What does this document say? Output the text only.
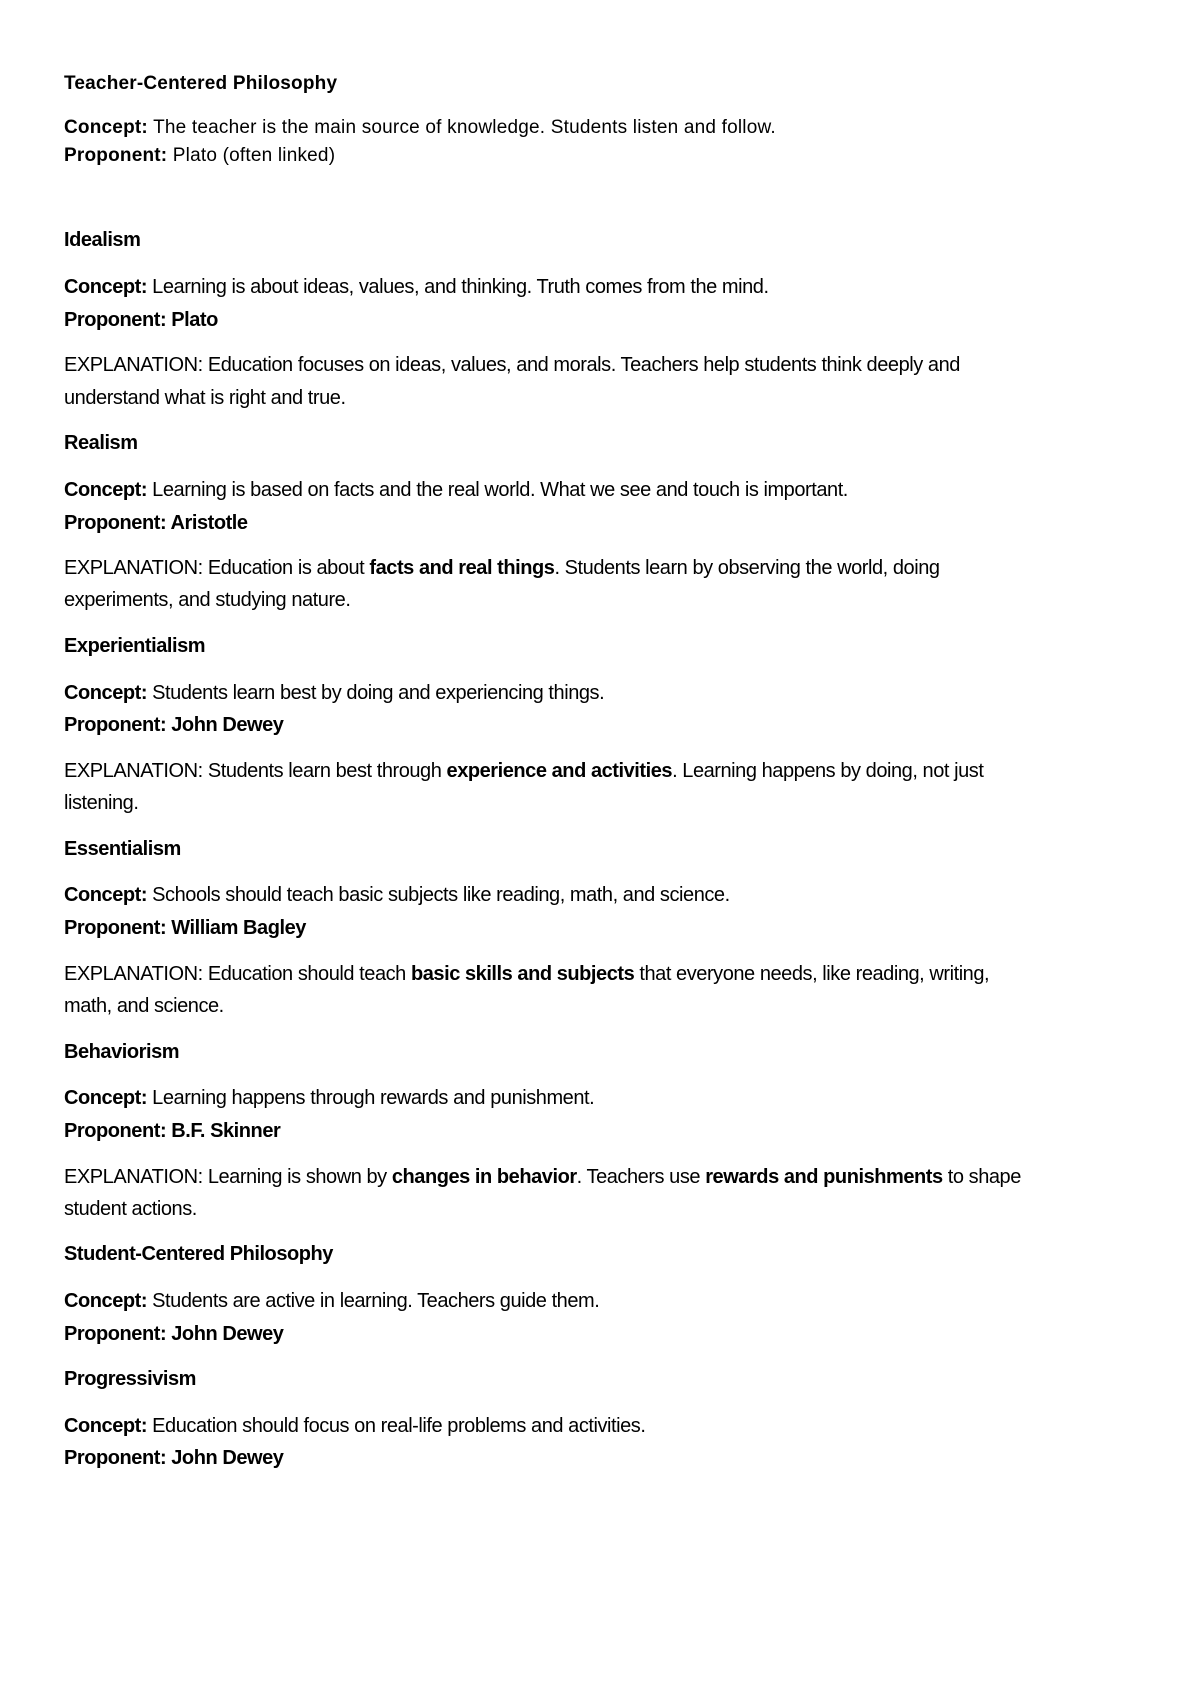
Teacher-Centered Philosophy
Concept: The teacher is the main source of knowledge. Students listen and follow.
Proponent: Plato (often linked)
Idealism
Concept: Learning is about ideas, values, and thinking. Truth comes from the mind.
Proponent: Plato
EXPLANATION: Education focuses on ideas, values, and morals. Teachers help students think deeply and
understand what is right and true.
Realism
Concept: Learning is based on facts and the real world. What we see and touch is important.
Proponent: Aristotle
EXPLANATION: Education is about facts and real things. Students learn by observing the world, doing
experiments, and studying nature.
Experientialism
Concept: Students learn best by doing and experiencing things.
Proponent: John Dewey
EXPLANATION: Students learn best through experience and activities. Learning happens by doing, not just
listening.
Essentialism
Concept: Schools should teach basic subjects like reading, math, and science.
Proponent: William Bagley
EXPLANATION: Education should teach basic skills and subjects that everyone needs, like reading, writing,
math, and science.
Behaviorism
Concept: Learning happens through rewards and punishment.
Proponent: B.F. Skinner
EXPLANATION: Learning is shown by changes in behavior. Teachers use rewards and punishments to shape
student actions.
Student-Centered Philosophy
Concept: Students are active in learning. Teachers guide them.
Proponent: John Dewey
Progressivism
Concept: Education should focus on real-life problems and activities.
Proponent: John Dewey
